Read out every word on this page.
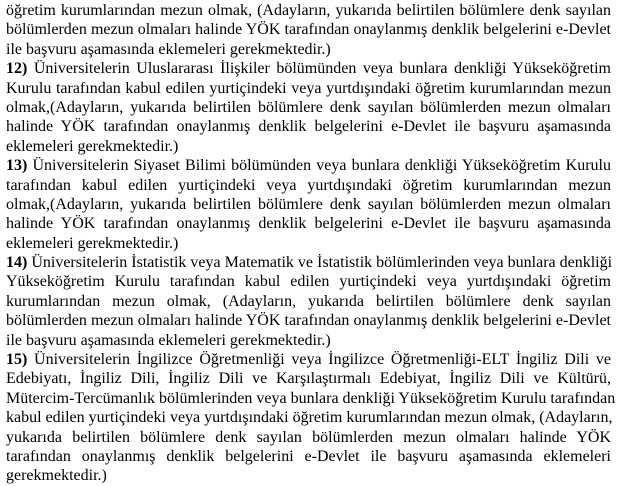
öğretim kurumlarından mezun olmak, (Adayların, yukarıda belirtilen bölümlere denk sayılan
bölümlerden mezun olmaları halinde YÖK tarafından onaylanmış denklik belgelerini e-Devlet
ile başvuru aşamasında eklemeleri gerekmektedir.)
12) Üniversitelerin Uluslararası İlişkiler bölümünden veya bunlara denkliği Yükseköğretim
Kurulu tarafından kabul edilen yurtiçindeki veya yurtdışındaki öğretim kurumlarından mezun
olmak,(Adayların, yukarıda belirtilen bölümlere denk sayılan bölümlerden mezun olmaları
halinde YÖK tarafından onaylanmış denklik belgelerini e-Devlet ile başvuru aşamasında
eklemeleri gerekmektedir.)
13) Üniversitelerin Siyaset Bilimi bölümünden veya bunlara denkliği Yükseköğretim Kurulu
tarafından kabul edilen yurtiçindeki veya yurtdışındaki öğretim kurumlarından mezun
olmak,(Adayların, yukarıda belirtilen bölümlere denk sayılan bölümlerden mezun olmaları
halinde YÖK tarafından onaylanmış denklik belgelerini e-Devlet ile başvuru aşamasında
eklemeleri gerekmektedir.)
14) Üniversitelerin İstatistik veya Matematik ve İstatistik bölümlerinden veya bunlara denkliği
Yükseköğretim Kurulu tarafından kabul edilen yurtiçindeki veya yurtdışındaki öğretim
kurumlarından mezun olmak, (Adayların, yukarıda belirtilen bölümlere denk sayılan
bölümlerden mezun olmaları halinde YÖK tarafından onaylanmış denklik belgelerini e-Devlet
ile başvuru aşamasında eklemeleri gerekmektedir.)
15) Üniversitelerin İngilizce Öğretmenliği veya İngilizce Öğretmenliği-ELT İngiliz Dili ve
Edebiyatı, İngiliz Dili, İngiliz Dili ve Karşılaştırmalı Edebiyat, İngiliz Dili ve Kültürü,
Mütercim-Tercümanlık bölümlerinden veya bunlara denkliği Yükseköğretim Kurulu tarafından
kabul edilen yurtiçindeki veya yurtdışındaki öğretim kurumlarından mezun olmak, (Adayların,
yukarıda belirtilen bölümlere denk sayılan bölümlerden mezun olmaları halinde YÖK
tarafından onaylanmış denklik belgelerini e-Devlet ile başvuru aşamasında eklemeleri
gerekmektedir.)
